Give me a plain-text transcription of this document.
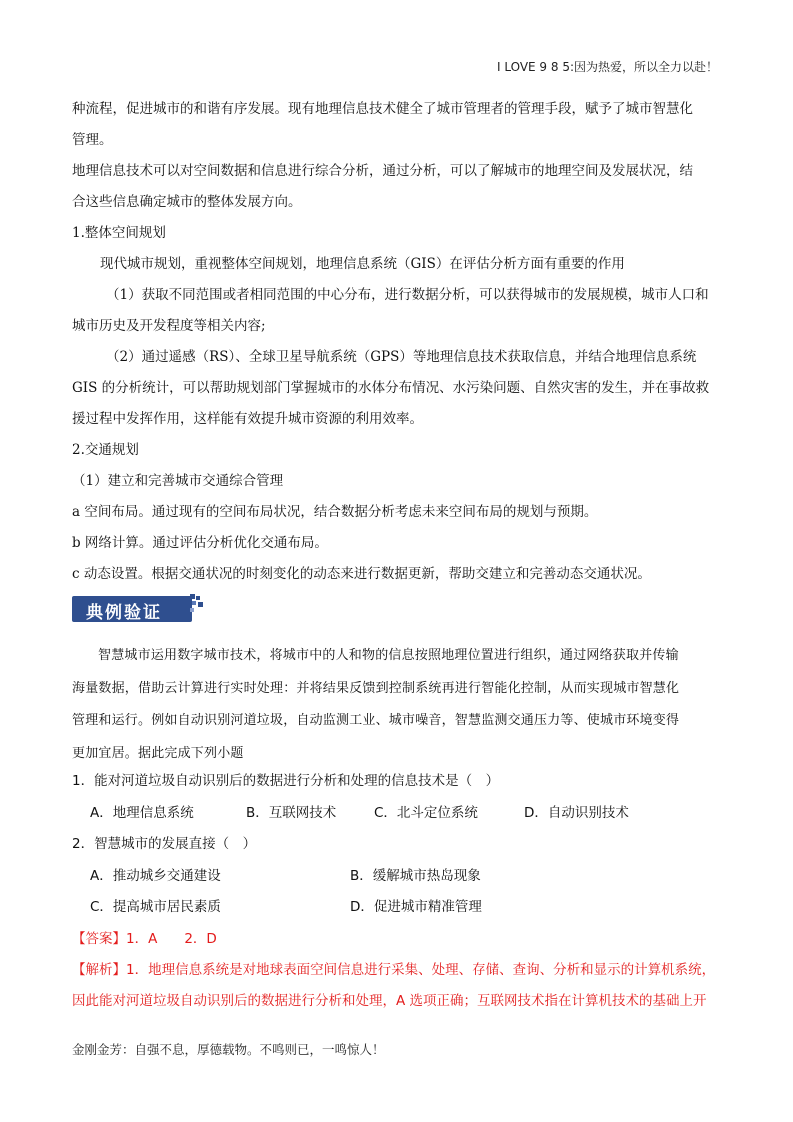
I LOVE 9 8 5:因为热爱，所以全力以赴！

种流程，促进城市的和谐有序发展。现有地理信息技术健全了城市管理者的管理手段，赋予了城市智慧化

管理。

地理信息技术可以对空间数据和信息进行综合分析，通过分析，可以了解城市的地理空间及发展状况，结

合这些信息确定城市的整体发展方向。

1.整体空间规划

现代城市规划，重视整体空间规划，地理信息系统（GIS）在评估分析方面有重要的作用

（1）获取不同范围或者相同范围的中心分布，进行数据分析，可以获得城市的发展规模，城市人口和

城市历史及开发程度等相关内容;

（2）通过遥感（RS）、全球卫星导航系统（GPS）等地理信息技术获取信息，并结合地理信息系统

GIS 的分析统计，可以帮助规划部门掌握城市的水体分布情况、水污染问题、自然灾害的发生，并在事故救

援过程中发挥作用，这样能有效提升城市资源的利用效率。

2.交通规划

（1）建立和完善城市交通综合管理

a 空间布局。通过现有的空间布局状况，结合数据分析考虑未来空间布局的规划与预期。

b 网络计算。通过评估分析优化交通布局。

c 动态设置。根据交通状况的时刻变化的动态来进行数据更新，帮助交建立和完善动态交通状况。

典例验证

智慧城市运用数字城市技术，将城市中的人和物的信息按照地理位置进行组织，通过网络获取并传输

海量数据，借助云计算进行实时处理：并将结果反馈到控制系统再进行智能化控制，从而实现城市智慧化

管理和运行。例如自动识别河道垃圾，自动监测工业、城市噪音，智慧监测交通压力等、使城市环境变得

更加宜居。据此完成下列小题

1．能对河道垃圾自动识别后的数据进行分析和处理的信息技术是（　）

A．地理信息系统	B．互联网技术	C．北斗定位系统	D．自动识别技术

2．智慧城市的发展直接（　）

A．推动城乡交通建设	B．缓解城市热岛现象
C．提高城市居民素质	D．促进城市精准管理

【答案】1．A　　2．D

【解析】1．地理信息系统是对地球表面空间信息进行采集、处理、存储、查询、分析和显示的计算机系统，

因此能对河道垃圾自动识别后的数据进行分析和处理，A 选项正确；互联网技术指在计算机技术的基础上开

金刚金芳：自强不息，厚德载物。不鸣则已，一鸣惊人！
